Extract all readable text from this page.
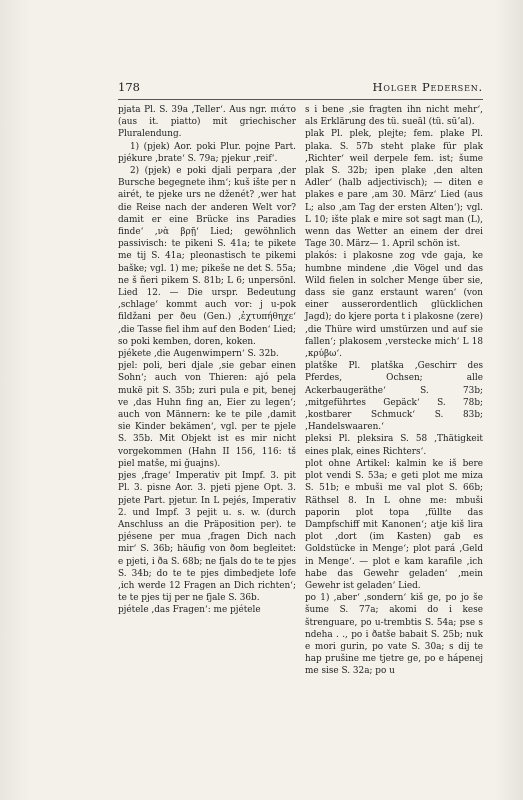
178	Holger Pedersen.

pjata Pl. S. 39a ‚Teller‘. Aus ngr. πιάτο (aus it. piatto) mit griechischer Pluralendung.

1) (pjek) Aor. poki Plur. pojne Part. pjékure ‚brate‘ S. 79a; pjekur ‚reif‘.

2) (pjek) e poki djali perpara ‚der Bursche begegnete ihm‘; kuš ište per n airét, te pjeke urs ne dženét? ‚wer hat die Reise nach der anderen Welt vor? damit er eine Brücke ins Paradies finde‘ ‚νὰ βρῇ‘ Lied; gewöhnlich passivisch: te pikeni S. 41a; te pikete me tij S. 41a; pleonastisch te pikemi baške; vgl. 1) me; pikeše ne det S. 55a; ne š ñeri pikem S. 81b; L 6; unpersönl. Lied 12. — Die urspr. Bedeutung ‚schlage‘ kommt auch vor: j u-pok fildžani per ðeu (Gen.) ‚ἐχτυπήθηχε‘ ‚die Tasse fiel ihm auf den Boden‘ Lied; so poki kemben, doren, koken.

pjékete ‚die Augenwimpern‘ S. 32b.

pjel: poli, beri djale ‚sie gebar einen Sohn‘; auch von Thieren: ajó pela mukë pit S. 35b; zuri pula e pit, benej ve ‚das Huhn fing an, Eier zu legen‘; auch von Männern: ke te pile ‚damit sie Kinder bekämen‘, vgl. per te pjele S. 35b. Mit Objekt ist es mir nicht vorgekommen (Hahn II 156, 116: tš piel matše, mi ğuajns).

pjes ‚frage‘ Imperativ pit Impf. 3. pit Pl. 3. pisne Aor. 3. pjeti pjene Opt. 3. pjete Part. pjetur. In L pejés, Imperativ 2. und Impf. 3 pejit u. s. w. (durch Anschluss an die Präposition per). te pjésene per mua ‚fragen Dich nach mir‘ S. 36b; häufig von ðom begleitet: e pjeti, i ða S. 68b; ne fjals do te te pjes S. 34b; do te te pjes dimbedjete lofe ‚ich werde 12 Fragen an Dich richten‘; te te pjes tij per ne fjale S. 36b.

pjétele ‚das Fragen‘: me pjétele

s i bene ‚sie fragten ihn nicht mehr‘, als Erklärung des tü. sueāl (tü. sūʼal).

plak Pl. plek, plejte; fem. plake Pl. plaka. S. 57b steht plake für plak ‚Richter‘ weil derpele fem. ist; šume plak S. 32b; ipen plake ‚den alten Adler‘ (halb adjectivisch); — diten e plakes e pare ‚am 30. März‘ Lied (aus L; also ‚am Tag der ersten Alten‘); vgl. L 10; ište plak e mire sot sagt man (L), wenn das Wetter an einem der drei Tage 30. März— 1. April schön ist.

plakós: i plakosne zog vde gaja, ke humbne mindene ‚die Vögel und das Wild fielen in solcher Menge über sie, dass sie ganz erstaunt waren‘ (von einer ausserordentlich glücklichen Jagd); do kjere porta t i plakosne (zere) ‚die Thüre wird umstürzen und auf sie fallen‘; plakosem ‚verstecke mich‘ L 18 ‚κρύβω‘.

platške Pl. platška ‚Geschirr des Pferdes, Ochsen; alle Ackerbaugeräthe‘ S. 73b; ‚mitgeführtes Gepäck‘ S. 78b; ‚kostbarer Schmuck‘ S. 83b; ‚Handelswaaren.‘

pleksi Pl. pleksira S. 58 ‚Thätigkeit eines plak, eines Richters‘.

plot ohne Artikel: kalmin ke iš bere plot vendi S. 53a; e geti plot me miza S. 51b; e mbuši me val plot S. 66b; Räthsel 8. In L ohne me: mbuši paporin plot topa ‚füllte das Dampfschiff mit Kanonen‘; atje kiš lira plot ‚dort (im Kasten) gab es Goldstücke in Menge‘; plot pará ‚Geld in Menge‘. — plot e kam karafile ‚ich habe das Gewehr geladen‘ ‚mein Gewehr ist geladen‘ Lied.

po 1) ‚aber‘ ‚sondern‘ kiš ge, po jo še šume S. 77a; akomi do i kese štrenguare, po u-trembtis S. 54a; pse s ndeha . ., po i ðatše babait S. 25b; nuk e mori gurin, po vate S. 30a; s dij te hap prušine me tjetre ge, po e hápenej me sise S. 32a; po u
